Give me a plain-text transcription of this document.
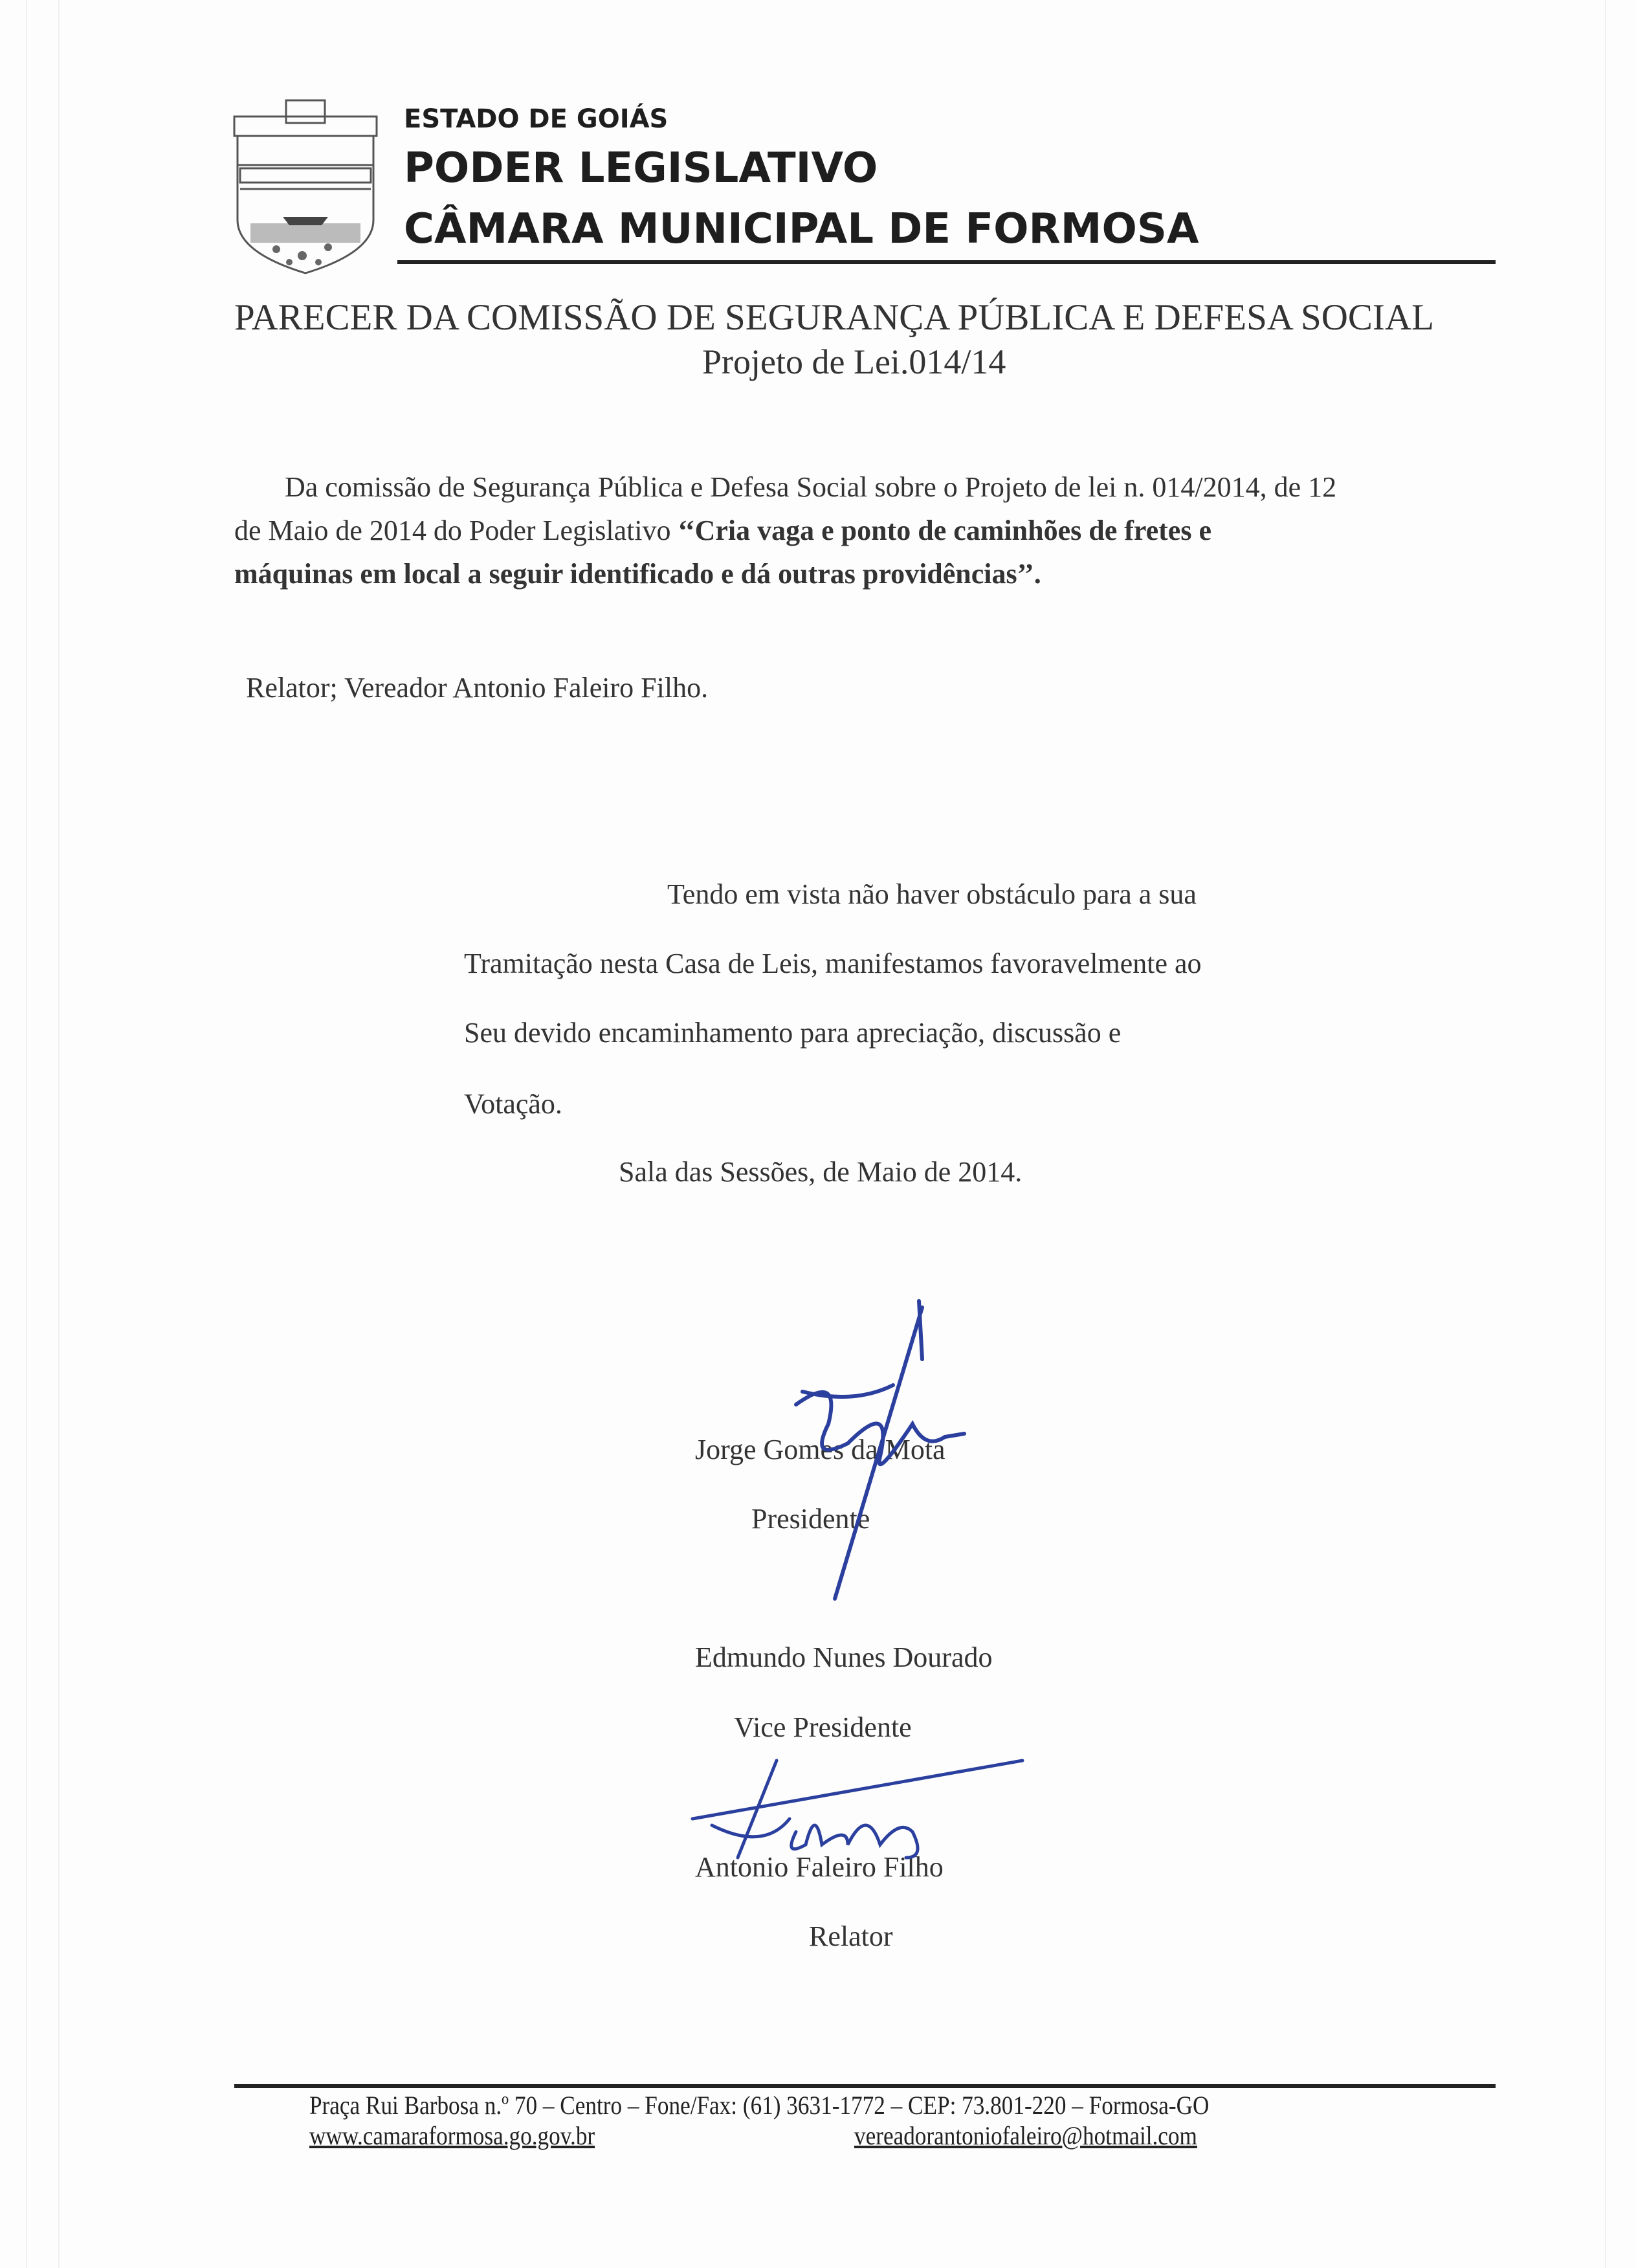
ESTADO DE GOIÁS
PODER LEGISLATIVO
CÂMARA MUNICIPAL DE FORMOSA
PARECER DA COMISSÃO DE SEGURANÇA PÚBLICA E DEFESA SOCIAL
Projeto de Lei.014/14
Da comissão de Segurança Pública e Defesa Social sobre o Projeto de lei n. 014/2014, de 12
de Maio de 2014 do Poder Legislativo ‘‘Cria vaga e ponto de caminhões de fretes e
máquinas em local a seguir identificado e dá outras providências’’.
Relator; Vereador Antonio Faleiro Filho.
Tendo em vista não haver obstáculo para a sua
Tramitação nesta Casa de Leis, manifestamos favoravelmente ao
Seu devido encaminhamento para apreciação, discussão e
Votação.
Sala das Sessões, de Maio de 2014.
Jorge Gomes da Mota
Presidente
Edmundo Nunes Dourado
Vice Presidente
Antonio Faleiro Filho
Relator
Praça Rui Barbosa n.º 70 – Centro – Fone/Fax: (61) 3631-1772 – CEP: 73.801-220 – Formosa-GO
www.camaraformosa.go.gov.br	vereadorantoniofaleiro@hotmail.com
